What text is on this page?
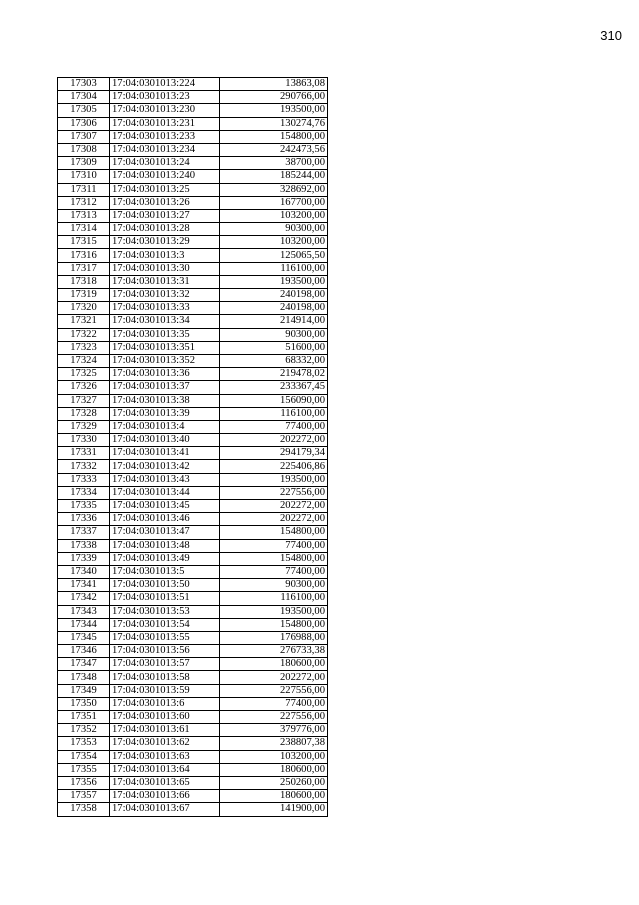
310
17303	17:04:0301013:224	13863,08
17304	17:04:0301013:23	290766,00
17305	17:04:0301013:230	193500,00
17306	17:04:0301013:231	130274,76
17307	17:04:0301013:233	154800,00
17308	17:04:0301013:234	242473,56
17309	17:04:0301013:24	38700,00
17310	17:04:0301013:240	185244,00
17311	17:04:0301013:25	328692,00
17312	17:04:0301013:26	167700,00
17313	17:04:0301013:27	103200,00
17314	17:04:0301013:28	90300,00
17315	17:04:0301013:29	103200,00
17316	17:04:0301013:3	125065,50
17317	17:04:0301013:30	116100,00
17318	17:04:0301013:31	193500,00
17319	17:04:0301013:32	240198,00
17320	17:04:0301013:33	240198,00
17321	17:04:0301013:34	214914,00
17322	17:04:0301013:35	90300,00
17323	17:04:0301013:351	51600,00
17324	17:04:0301013:352	68332,00
17325	17:04:0301013:36	219478,02
17326	17:04:0301013:37	233367,45
17327	17:04:0301013:38	156090,00
17328	17:04:0301013:39	116100,00
17329	17:04:0301013:4	77400,00
17330	17:04:0301013:40	202272,00
17331	17:04:0301013:41	294179,34
17332	17:04:0301013:42	225406,86
17333	17:04:0301013:43	193500,00
17334	17:04:0301013:44	227556,00
17335	17:04:0301013:45	202272,00
17336	17:04:0301013:46	202272,00
17337	17:04:0301013:47	154800,00
17338	17:04:0301013:48	77400,00
17339	17:04:0301013:49	154800,00
17340	17:04:0301013:5	77400,00
17341	17:04:0301013:50	90300,00
17342	17:04:0301013:51	116100,00
17343	17:04:0301013:53	193500,00
17344	17:04:0301013:54	154800,00
17345	17:04:0301013:55	176988,00
17346	17:04:0301013:56	276733,38
17347	17:04:0301013:57	180600,00
17348	17:04:0301013:58	202272,00
17349	17:04:0301013:59	227556,00
17350	17:04:0301013:6	77400,00
17351	17:04:0301013:60	227556,00
17352	17:04:0301013:61	379776,00
17353	17:04:0301013:62	238807,38
17354	17:04:0301013:63	103200,00
17355	17:04:0301013:64	180600,00
17356	17:04:0301013:65	250260,00
17357	17:04:0301013:66	180600,00
17358	17:04:0301013:67	141900,00
